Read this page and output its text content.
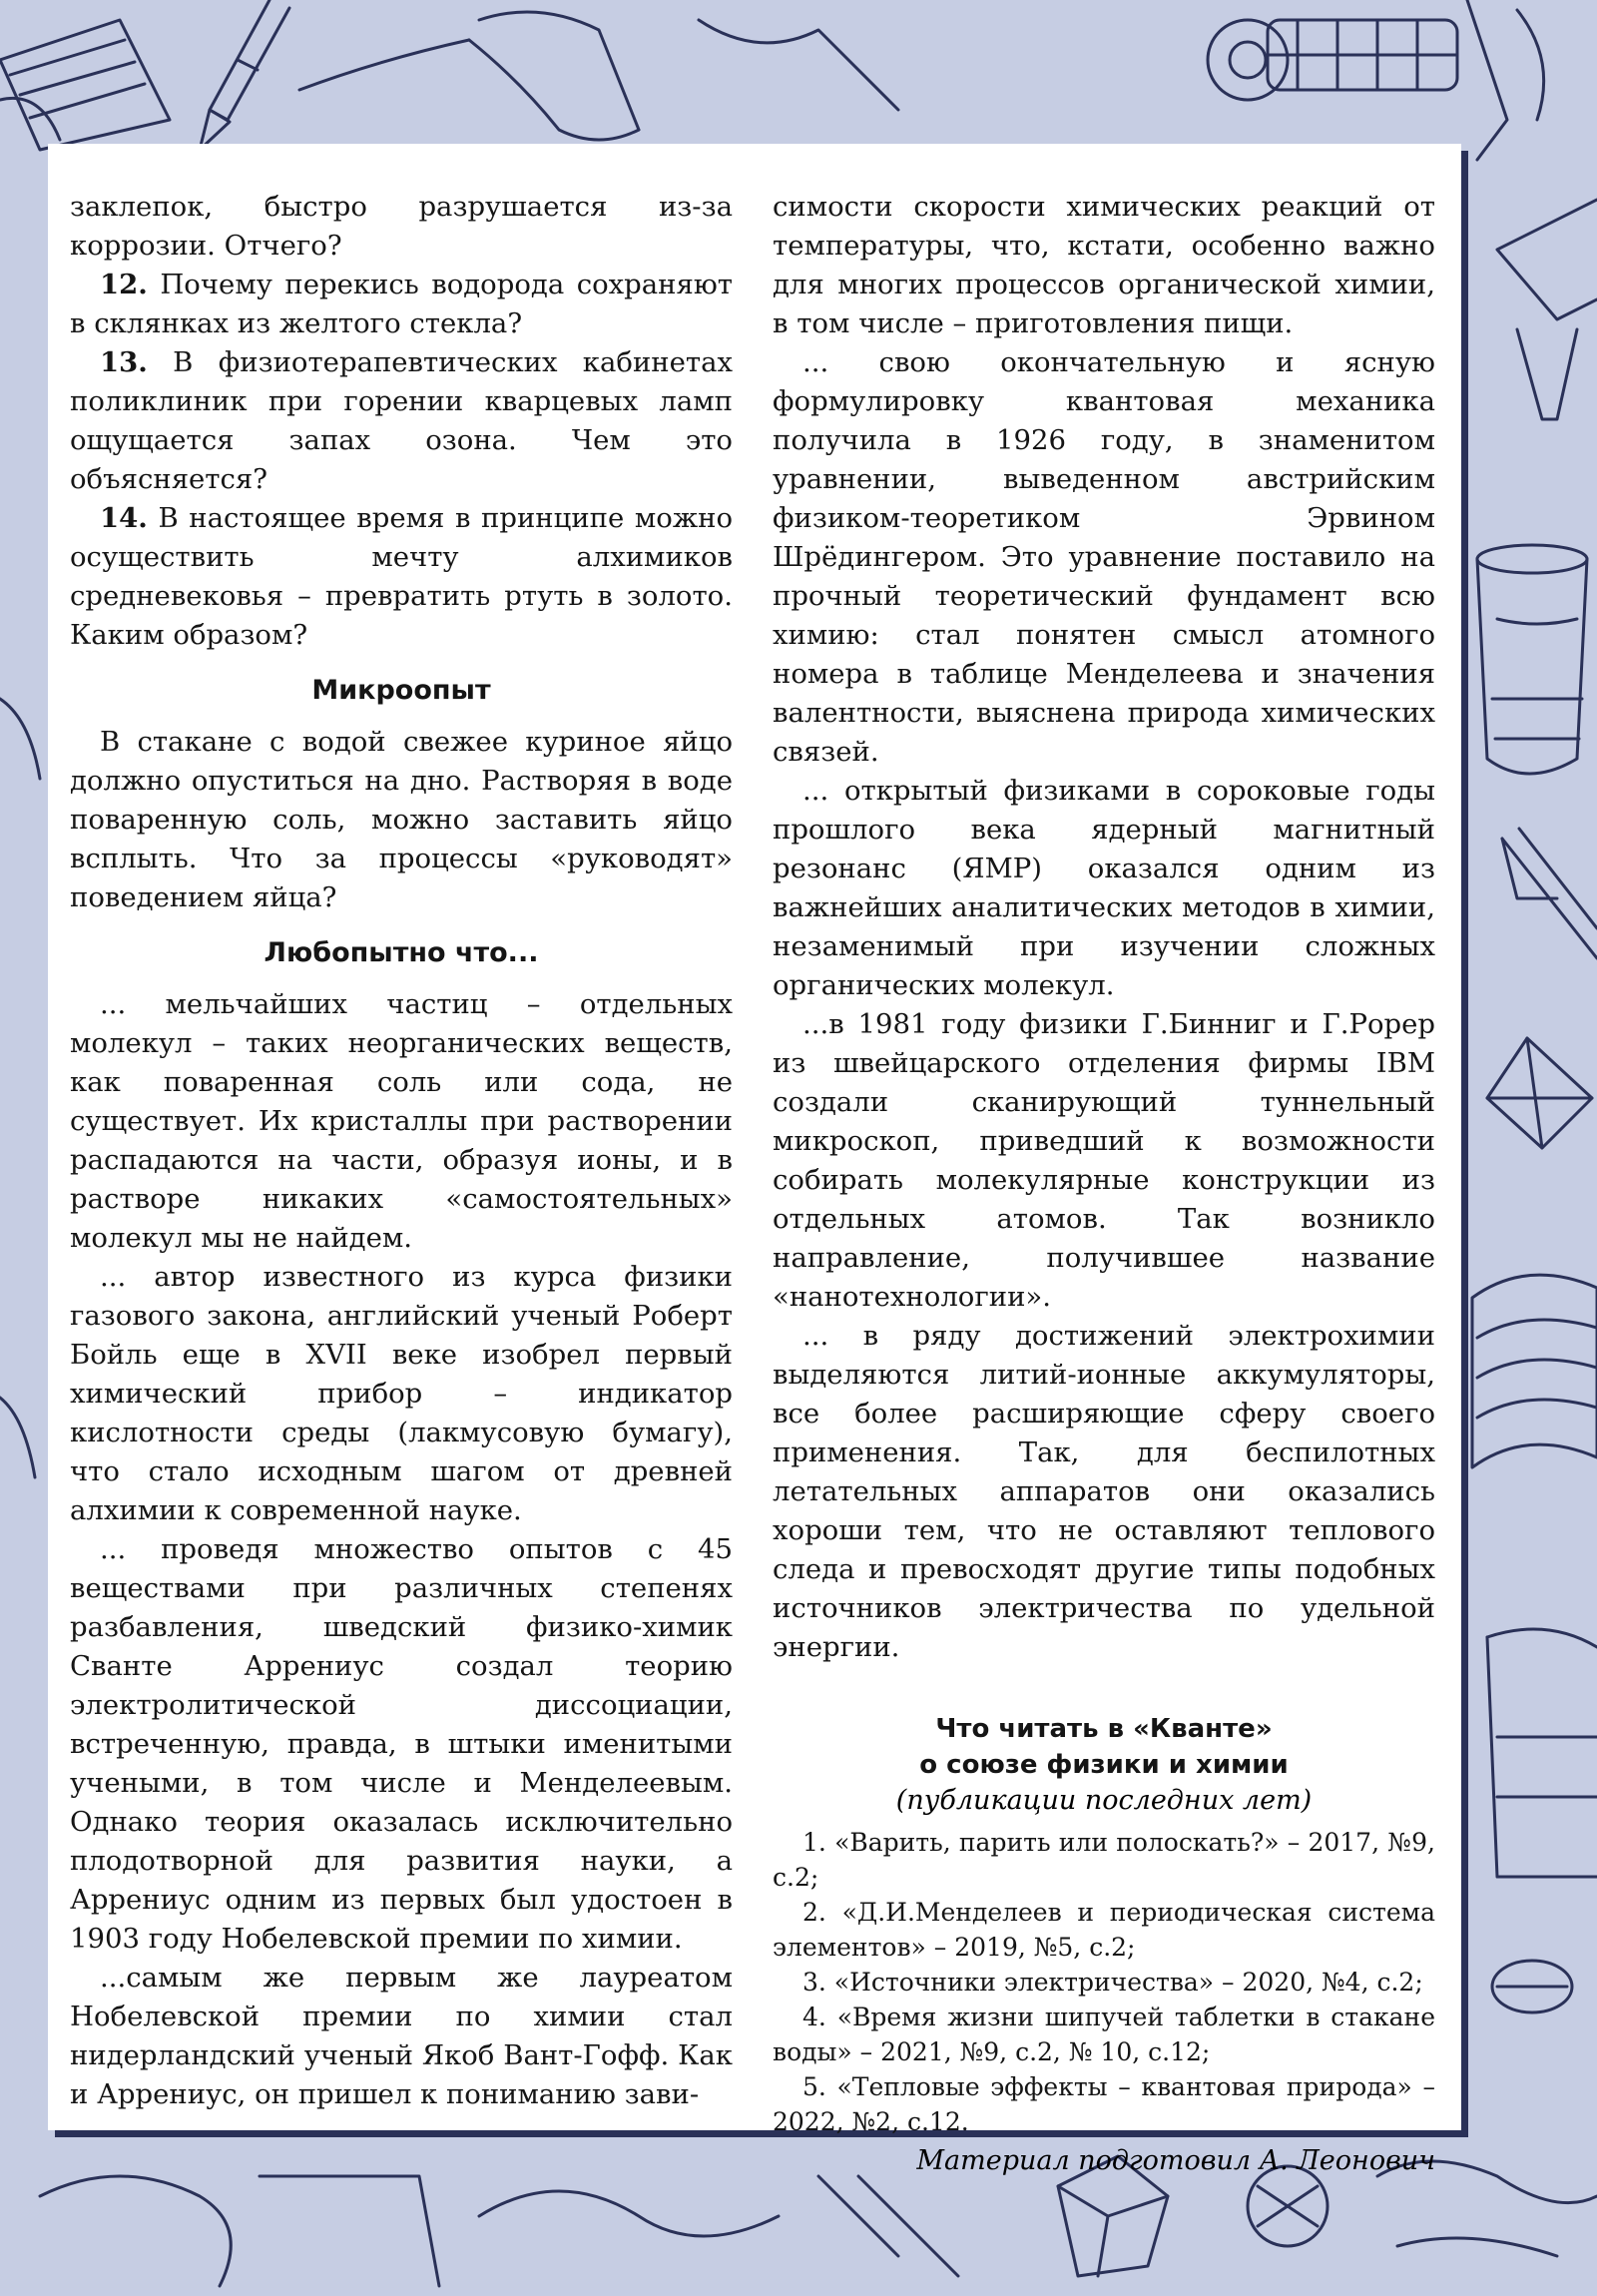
заклепок, быстро разрушается из-за коррозии. Отчего?

12. Почему перекись водорода сохраняют в склянках из желтого стекла?

13. В физиотерапевтических кабинетах поликлиник при горении кварцевых ламп ощущается запах озона. Чем это объясняется?

14. В настоящее время в принципе можно осуществить мечту алхимиков средневековья – превратить ртуть в золото. Каким образом?

Микроопыт

В стакане с водой свежее куриное яйцо должно опуститься на дно. Растворяя в воде поваренную соль, можно заставить яйцо всплыть. Что за процессы «руководят» поведением яйца?

Любопытно что...

... мельчайших частиц – отдельных молекул – таких неорганических веществ, как поваренная соль или сода, не существует. Их кристаллы при растворении распадаются на части, образуя ионы, и в растворе никаких «самостоятельных» молекул мы не найдем.

... автор известного из курса физики газового закона, английский ученый Роберт Бойль еще в XVII веке изобрел первый химический прибор – индикатор кислотности среды (лакмусовую бумагу), что стало исходным шагом от древней алхимии к современной науке.

... проведя множество опытов с 45 веществами при различных степенях разбавления, шведский физико-химик Сванте Аррениус создал теорию электролитической диссоциации, встреченную, правда, в штыки именитыми учеными, в том числе и Менделеевым. Однако теория оказалась исключительно плодотворной для развития науки, а Аррениус одним из первых был удостоен в 1903 году Нобелевской премии по химии.

...самым же первым же лауреатом Нобелевской премии по химии стал нидерландский ученый Якоб Вант-Гофф. Как и Аррениус, он пришел к пониманию зави-

симости скорости химических реакций от температуры, что, кстати, особенно важно для многих процессов органической химии, в том числе – приготовления пищи.

... свою окончательную и ясную формулировку квантовая механика получила в 1926 году, в знаменитом уравнении, выведенном австрийским физиком-теоретиком Эрвином Шрёдингером. Это уравнение поставило на прочный теоретический фундамент всю химию: стал понятен смысл атомного номера в таблице Менделеева и значения валентности, выяснена природа химических связей.

... открытый физиками в сороковые годы прошлого века ядерный магнитный резонанс (ЯМР) оказался одним из важнейших аналитических методов в химии, незаменимый при изучении сложных органических молекул.

...в 1981 году физики Г.Бинниг и Г.Рорер из швейцарского отделения фирмы IBM создали сканирующий туннельный микроскоп, приведший к возможности собирать молекулярные конструкции из отдельных атомов. Так возникло направление, получившее название «нанотехнологии».

... в ряду достижений электрохимии выделяются литий-ионные аккумуляторы, все более расширяющие сферу своего применения. Так, для беспилотных летательных аппаратов они оказались хороши тем, что не оставляют теплового следа и превосходят другие типы подобных источников электричества по удельной энергии.

Что читать в «Кванте»
о союзе физики и химии
(публикации последних лет)
1. «Варить, парить или полоскать?» – 2017, №9, с.2;
2. «Д.И.Менделеев и периодическая система элементов» – 2019, №5, с.2;
3. «Источники электричества» – 2020, №4, с.2;
4. «Время жизни шипучей таблетки в стакане воды» – 2021, №9, с.2, № 10, с.12;
5. «Тепловые эффекты – квантовая природа» – 2022, №2, с.12.
Материал подготовил А. Леонович
